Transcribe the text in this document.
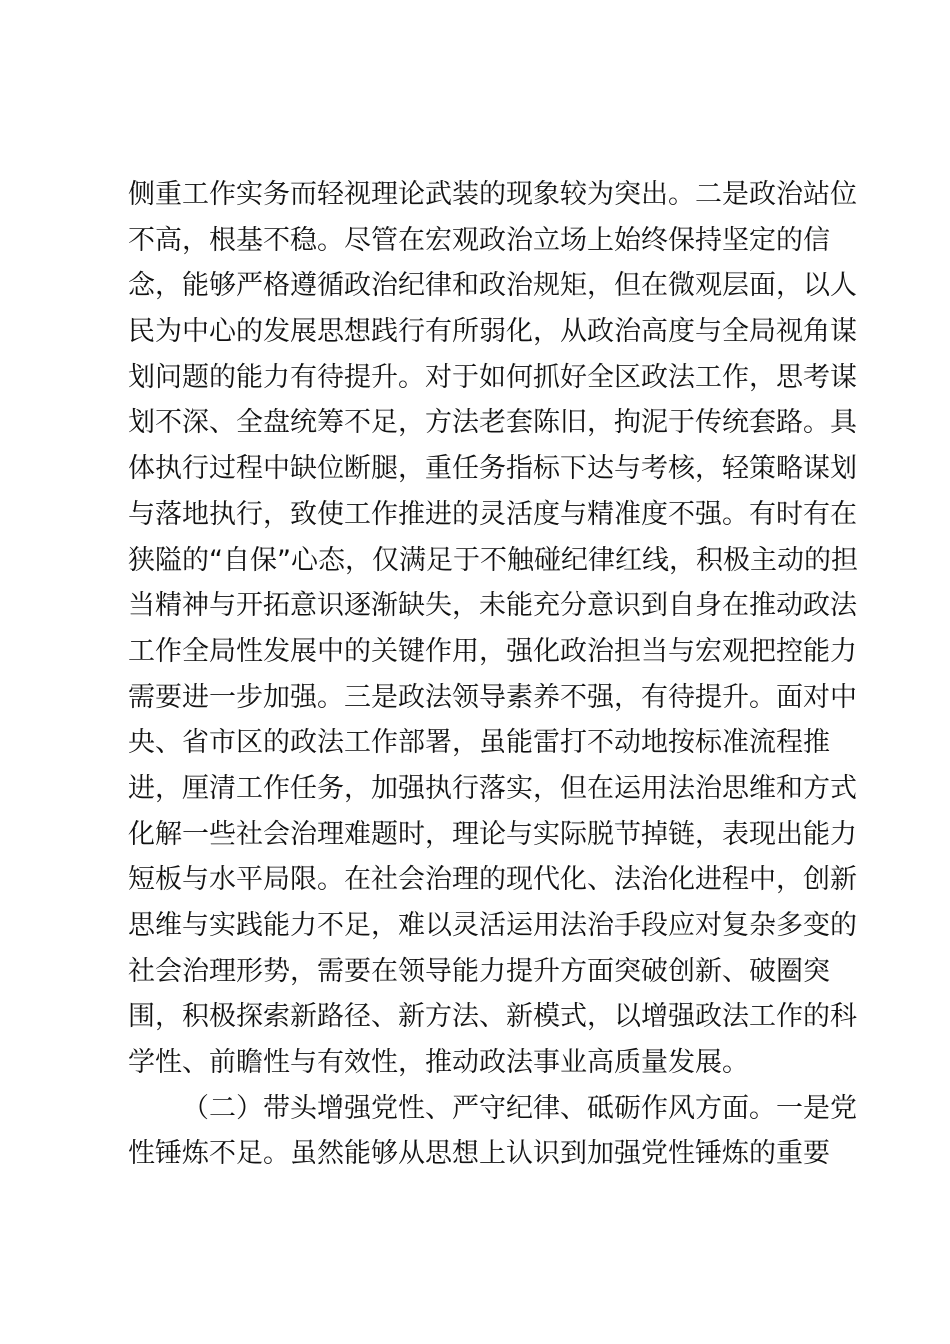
侧重工作实务而轻视理论武装的现象较为突出。二是政治站位
不高，根基不稳。尽管在宏观政治立场上始终保持坚定的信
念，能够严格遵循政治纪律和政治规矩，但在微观层面，以人
民为中心的发展思想践行有所弱化，从政治高度与全局视角谋
划问题的能力有待提升。对于如何抓好全区政法工作，思考谋
划不深、全盘统筹不足，方法老套陈旧，拘泥于传统套路。具
体执行过程中缺位断腿，重任务指标下达与考核，轻策略谋划
与落地执行，致使工作推进的灵活度与精准度不强。有时有在
狭隘的“自保”心态，仅满足于不触碰纪律红线，积极主动的担
当精神与开拓意识逐渐缺失，未能充分意识到自身在推动政法
工作全局性发展中的关键作用，强化政治担当与宏观把控能力
需要进一步加强。三是政法领导素养不强，有待提升。面对中
央、省市区的政法工作部署，虽能雷打不动地按标准流程推
进，厘清工作任务，加强执行落实，但在运用法治思维和方式
化解一些社会治理难题时，理论与实际脱节掉链，表现出能力
短板与水平局限。在社会治理的现代化、法治化进程中，创新
思维与实践能力不足，难以灵活运用法治手段应对复杂多变的
社会治理形势，需要在领导能力提升方面突破创新、破圈突
围，积极探索新路径、新方法、新模式，以增强政法工作的科
学性、前瞻性与有效性，推动政法事业高质量发展。
（二）带头增强党性、严守纪律、砥砺作风方面。一是党
性锤炼不足。虽然能够从思想上认识到加强党性锤炼的重要
